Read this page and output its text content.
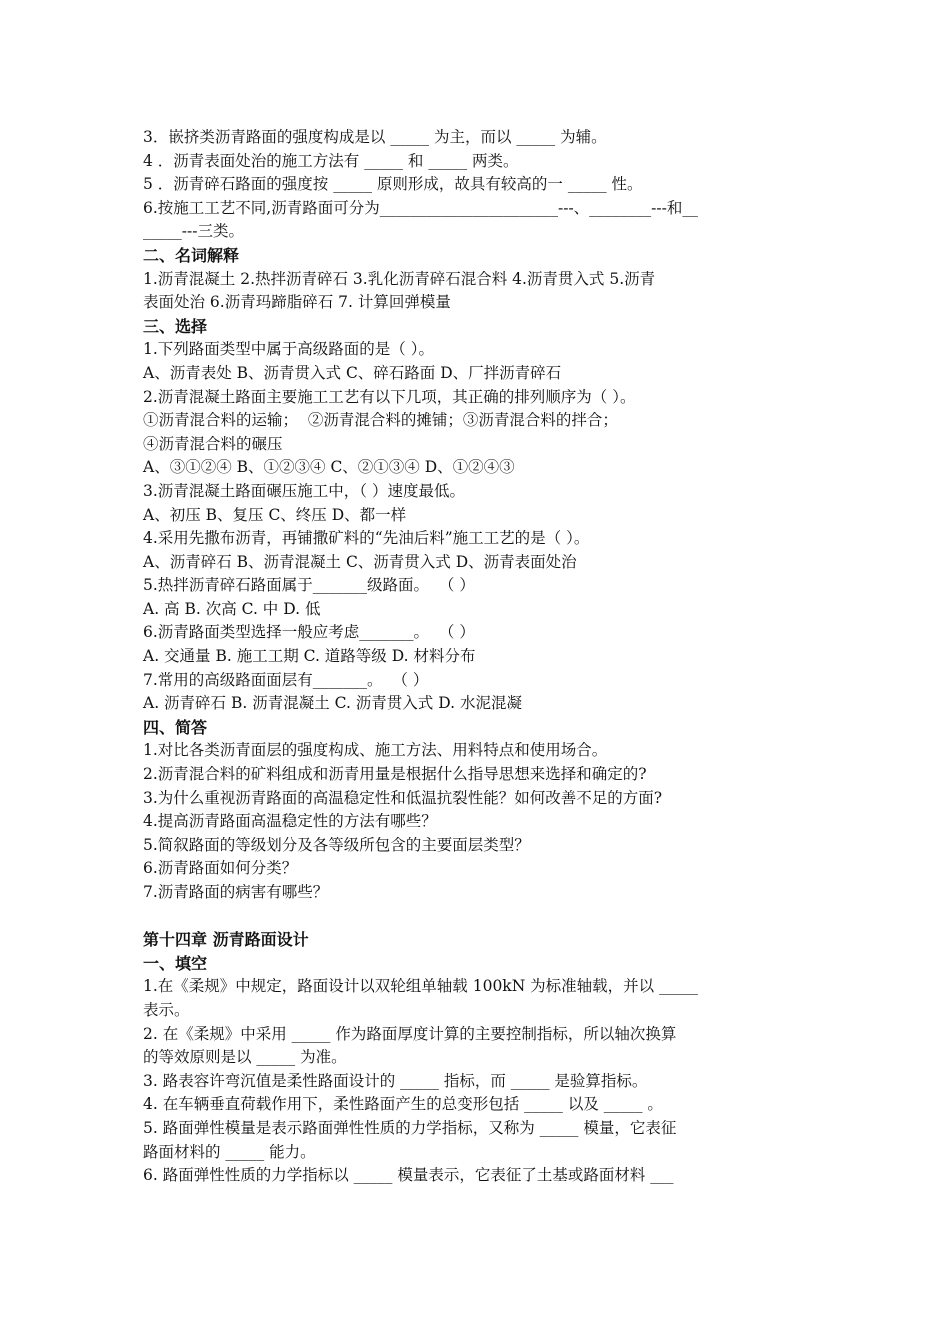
3．嵌挤类沥青路面的强度构成是以 _____ 为主，而以 _____ 为辅。
4 ．沥青表面处治的施工方法有 _____ 和 _____ 两类。
5 ．沥青碎石路面的强度按 _____ 原则形成，故具有较高的一 _____ 性。
6.按施工工艺不同,沥青路面可分为_______________________---、________---和__
_____---三类。
二、名词解释
1.沥青混凝土 2.热拌沥青碎石 3.乳化沥青碎石混合料 4.沥青贯入式 5.沥青
表面处治 6.沥青玛蹄脂碎石 7. 计算回弹模量
三、选择
1.下列路面类型中属于高级路面的是（ ）。
A、沥青表处 B、沥青贯入式 C、碎石路面 D、厂拌沥青碎石
2.沥青混凝土路面主要施工工艺有以下几项，其正确的排列顺序为（ ）。
①沥青混合料的运输；  ②沥青混合料的摊铺；③沥青混合料的拌合；
④沥青混合料的碾压
A、③①②④ B、①②③④ C、②①③④ D、①②④③
3.沥青混凝土路面碾压施工中，（ ）速度最低。
A、初压 B、复压 C、终压 D、都一样
4.采用先撒布沥青，再铺撒矿料的“先油后料”施工工艺的是（ ）。
A、沥青碎石 B、沥青混凝土 C、沥青贯入式 D、沥青表面处治
5.热拌沥青碎石路面属于_______级路面。  （ ）
A. 高 B. 次高 C. 中 D. 低
6.沥青路面类型选择一般应考虑_______。  （ ）
A. 交通量 B. 施工工期 C. 道路等级 D. 材料分布
7.常用的高级路面面层有_______。  （ ）
A. 沥青碎石 B. 沥青混凝土 C. 沥青贯入式 D. 水泥混凝
四、简答
1.对比各类沥青面层的强度构成、施工方法、用料特点和使用场合。
2.沥青混合料的矿料组成和沥青用量是根据什么指导思想来选择和确定的?
3.为什么重视沥青路面的高温稳定性和低温抗裂性能？如何改善不足的方面?
4.提高沥青路面高温稳定性的方法有哪些？
5.简叙路面的等级划分及各等级所包含的主要面层类型？
6.沥青路面如何分类？
7.沥青路面的病害有哪些？
第十四章 沥青路面设计
一、填空
1.在《柔规》中规定，路面设计以双轮组单轴载 100kN 为标准轴载，并以 _____
表示。
2. 在《柔规》中采用 _____ 作为路面厚度计算的主要控制指标，所以轴次换算
的等效原则是以 _____ 为准。
3. 路表容许弯沉值是柔性路面设计的 _____ 指标，而 _____ 是验算指标。
4. 在车辆垂直荷载作用下，柔性路面产生的总变形包括 _____ 以及 _____ 。
5. 路面弹性模量是表示路面弹性性质的力学指标，又称为 _____ 模量，它表征
路面材料的 _____ 能力。
6. 路面弹性性质的力学指标以 _____ 模量表示，它表征了土基或路面材料 ___
